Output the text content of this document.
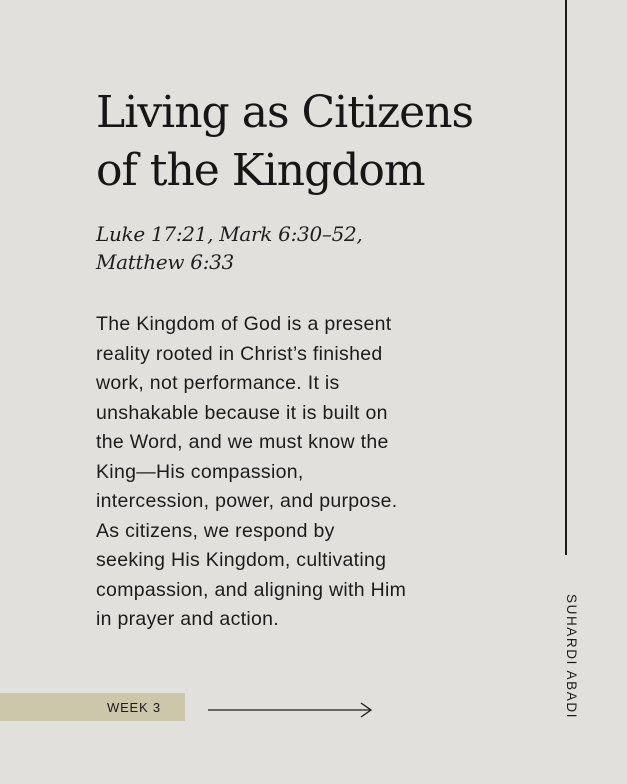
Living as Citizens
of the Kingdom
Luke 17:21, Mark 6:30–52,
Matthew 6:33
The Kingdom of God is a present
reality rooted in Christ’s finished
work, not performance. It is
unshakable because it is built on
the Word, and we must know the
King—His compassion,
intercession, power, and purpose.
As citizens, we respond by
seeking His Kingdom, cultivating
compassion, and aligning with Him
in prayer and action.	SUHARDI ABADI
WEEK 3
